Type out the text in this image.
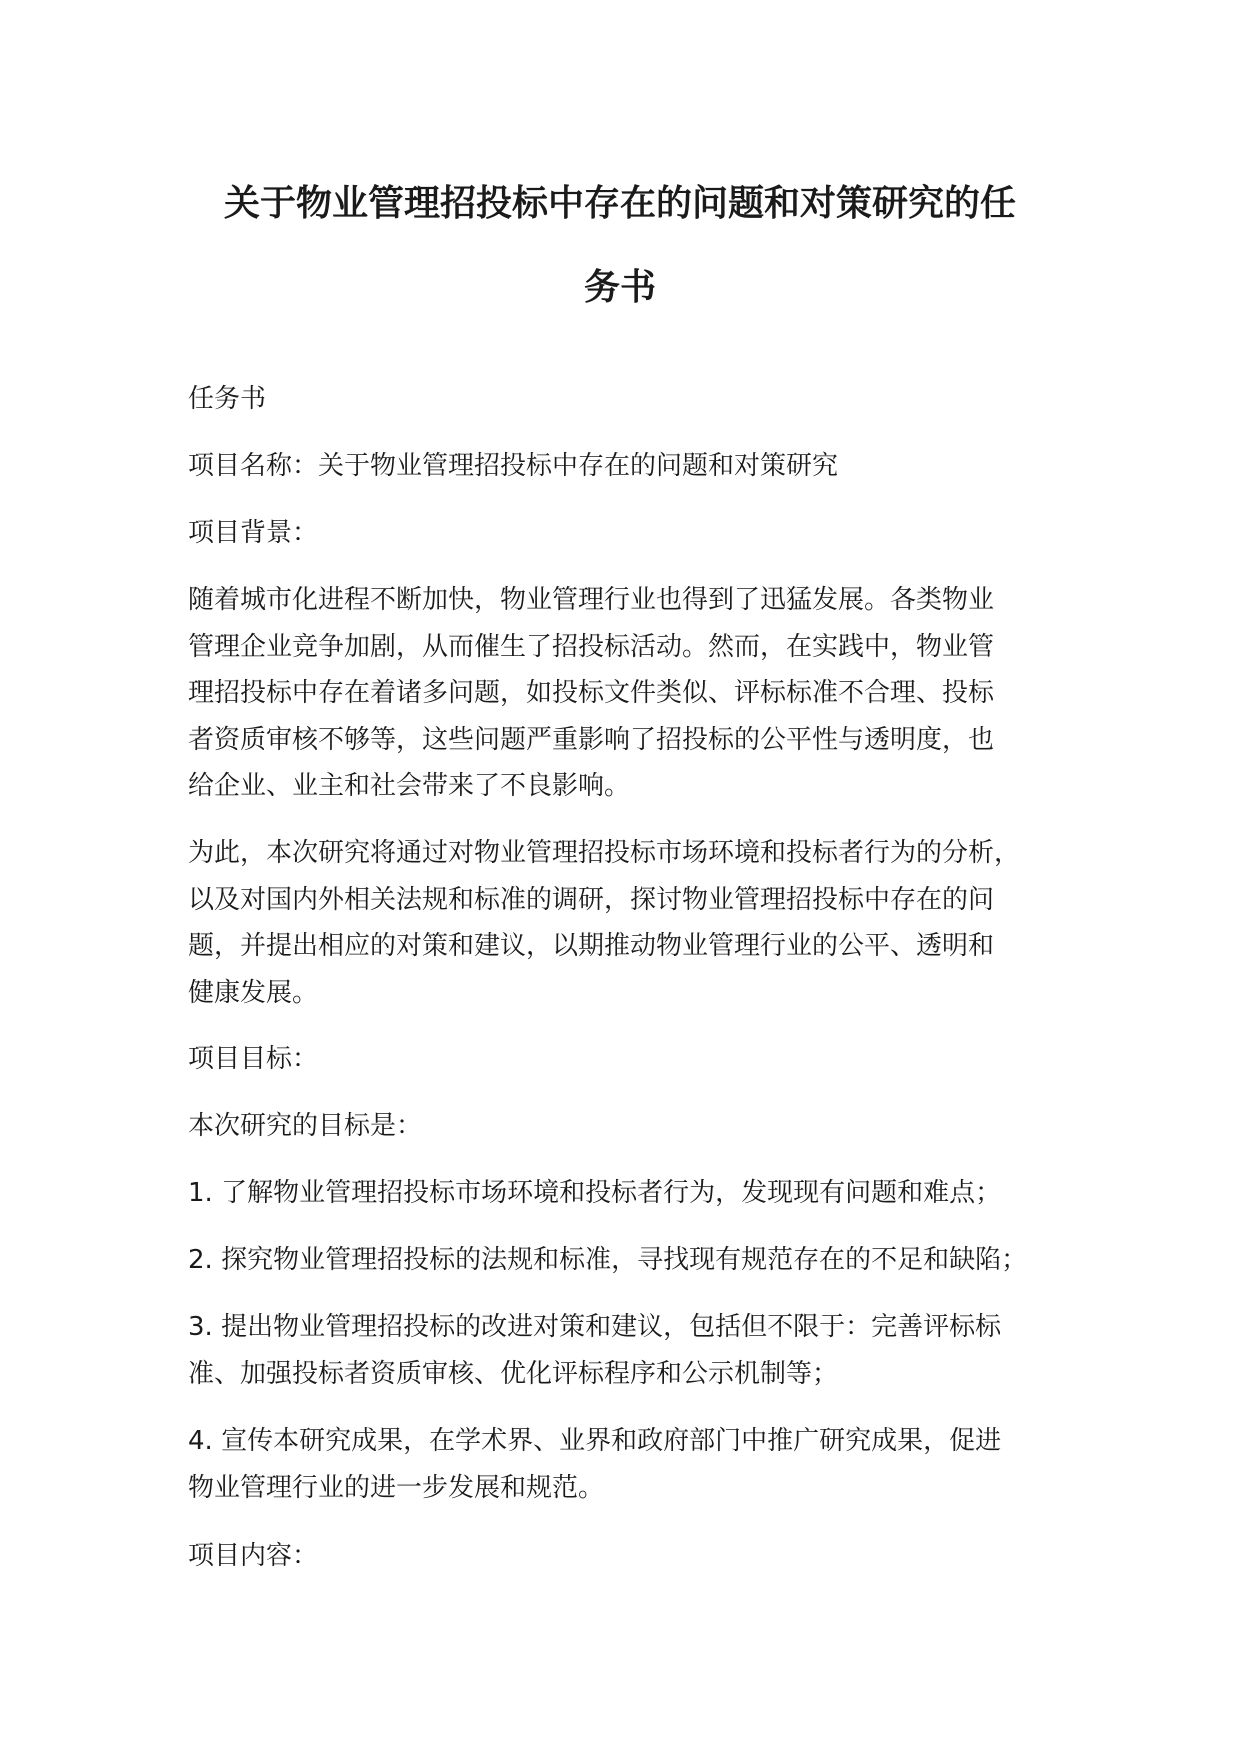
关于物业管理招投标中存在的问题和对策研究的任
务书
任务书
项目名称：关于物业管理招投标中存在的问题和对策研究
项目背景：
随着城市化进程不断加快，物业管理行业也得到了迅猛发展。各类物业
管理企业竞争加剧，从而催生了招投标活动。然而，在实践中，物业管
理招投标中存在着诸多问题，如投标文件类似、评标标准不合理、投标
者资质审核不够等，这些问题严重影响了招投标的公平性与透明度，也
给企业、业主和社会带来了不良影响。
为此，本次研究将通过对物业管理招投标市场环境和投标者行为的分析，
以及对国内外相关法规和标准的调研，探讨物业管理招投标中存在的问
题，并提出相应的对策和建议，以期推动物业管理行业的公平、透明和
健康发展。
项目目标：
本次研究的目标是：
1. 了解物业管理招投标市场环境和投标者行为，发现现有问题和难点；
2. 探究物业管理招投标的法规和标准，寻找现有规范存在的不足和缺陷；
3. 提出物业管理招投标的改进对策和建议，包括但不限于：完善评标标
准、加强投标者资质审核、优化评标程序和公示机制等；
4. 宣传本研究成果，在学术界、业界和政府部门中推广研究成果，促进
物业管理行业的进一步发展和规范。
项目内容：
